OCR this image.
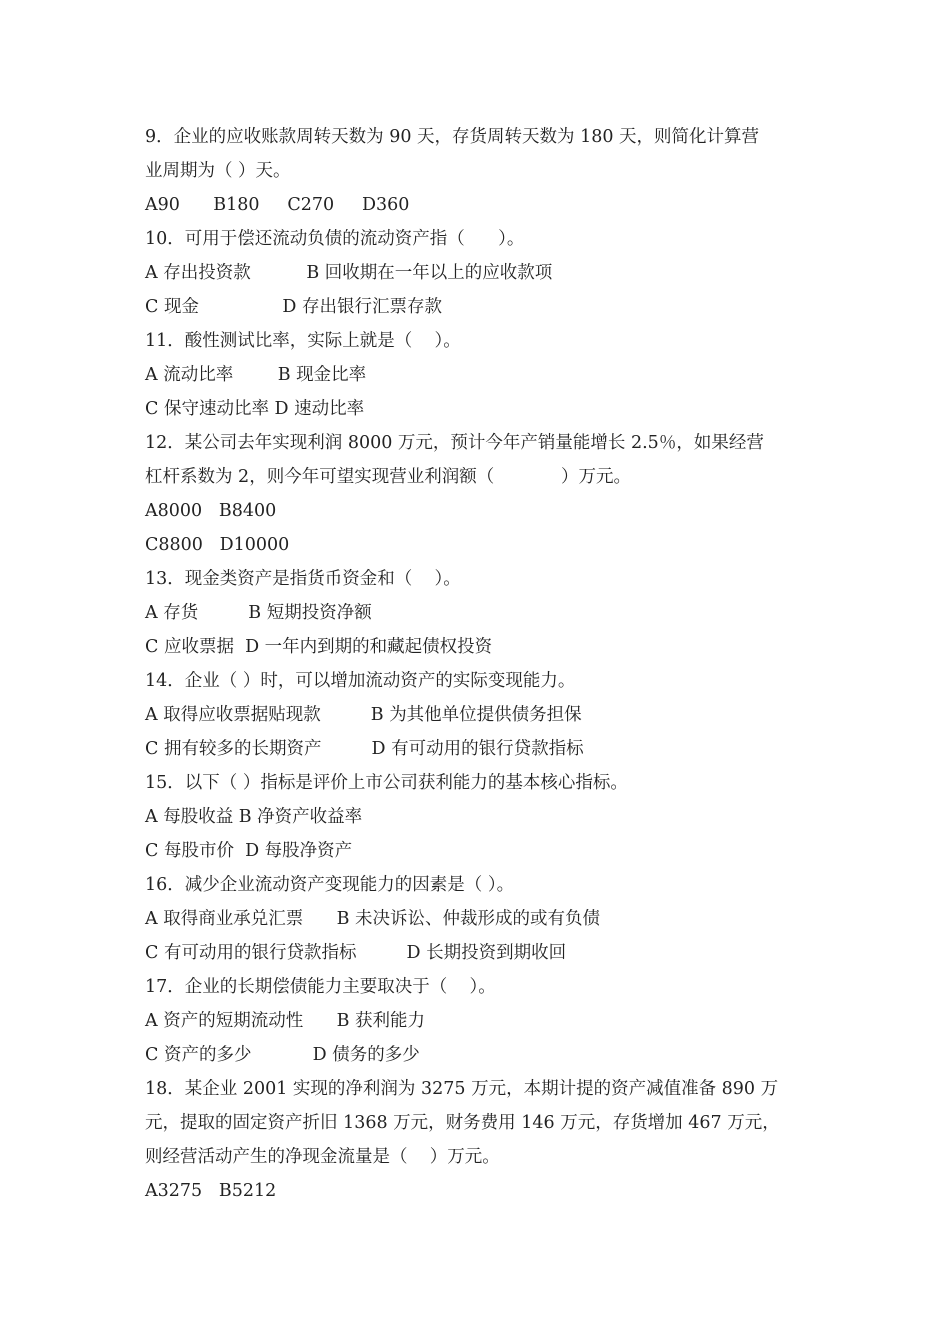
9．企业的应收账款周转天数为 90 天，存货周转天数为 180 天，则简化计算营
业周期为（ ）天。
A90      B180     C270     D360
10．可用于偿还流动负债的流动资产指（      ）。
A 存出投资款          B 回收期在一年以上的应收款项
C 现金               D 存出银行汇票存款
11．酸性测试比率，实际上就是（    ）。
A 流动比率        B 现金比率
C 保守速动比率 D 速动比率
12．某公司去年实现利润 8000 万元，预计今年产销量能增长 2.5％，如果经营
杠杆系数为 2，则今年可望实现营业利润额（            ）万元。
A8000   B8400
C8800   D10000
13．现金类资产是指货币资金和（    ）。
A 存货         B 短期投资净额
C 应收票据  D 一年内到期的和藏起债权投资
14．企业（ ）时，可以增加流动资产的实际变现能力。
A 取得应收票据贴现款         B 为其他单位提供债务担保
C 拥有较多的长期资产         D 有可动用的银行贷款指标
15．以下（ ）指标是评价上市公司获利能力的基本核心指标。
A 每股收益 B 净资产收益率
C 每股市价  D 每股净资产
16．减少企业流动资产变现能力的因素是（ ）。
A 取得商业承兑汇票      B 未决诉讼、仲裁形成的或有负债
C 有可动用的银行贷款指标         D 长期投资到期收回
17．企业的长期偿债能力主要取决于（    ）。
A 资产的短期流动性      B 获利能力
C 资产的多少           D 债务的多少
18．某企业 2001 实现的净利润为 3275 万元，本期计提的资产减值准备 890 万
元，提取的固定资产折旧 1368 万元，财务费用 146 万元，存货增加 467 万元，
则经营活动产生的净现金流量是（    ）万元。
A3275   B5212
